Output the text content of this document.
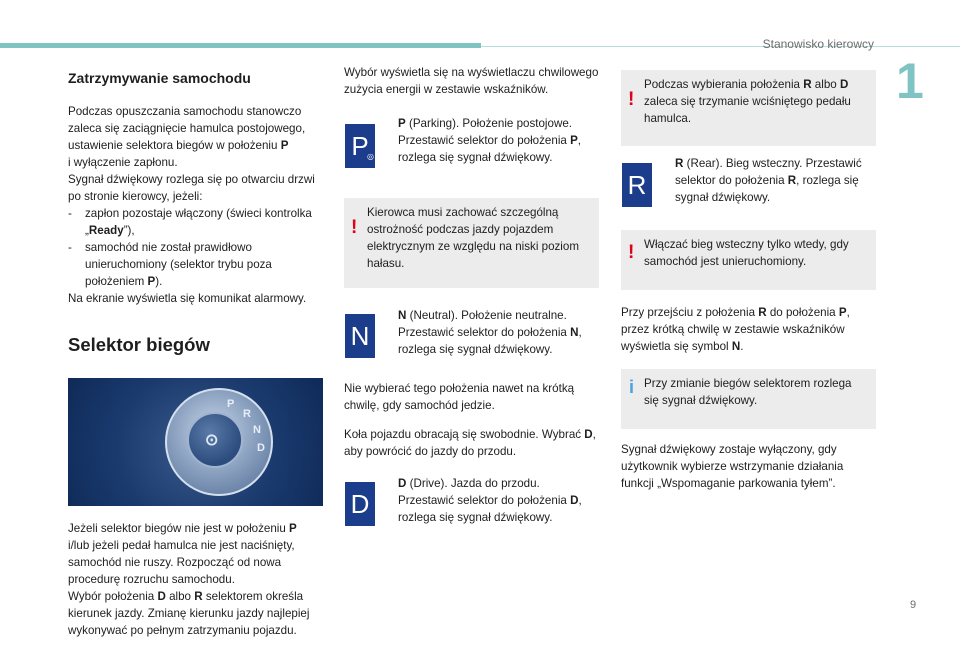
Stanowisko kierowcy
1
9
Zatrzymywanie samochodu

Podczas opuszczania samochodu stanowczo zaleca się zaciągnięcie hamulca postojowego, ustawienie selektora biegów w położeniu P
i wyłączenie zapłonu.
Sygnał dźwiękowy rozlega się po otwarciu drzwi po stronie kierowcy, jeżeli:

-	zapłon pozostaje włączony (świeci kontrolka „Ready”),
-	samochód nie został prawidłowo unieruchomiony (selektor trybu poza położeniem P).

Na ekranie wyświetla się komunikat alarmowy.

Selektor biegów
⊙
P
R
N
D

Jeżeli selektor biegów nie jest w położeniu P
i/lub jeżeli pedał hamulca nie jest naciśnięty, samochód nie ruszy. Rozpocząć od nowa procedurę rozruchu samochodu.
Wybór położenia D albo R selektorem określa kierunek jazdy. Zmianę kierunku jazdy najlepiej wykonywać po pełnym zatrzymaniu pojazdu.

Wybór wyświetla się na wyświetlaczu chwilowego zużycia energii w zestawie wskaźników.

P
◎
P (Parking). Położenie postojowe.
Przestawić selektor do położenia P, rozlega się sygnał dźwiękowy.
!
Kierowca musi zachować szczególną ostrożność podczas jazdy pojazdem elektrycznym ze względu na niski poziom hałasu.
N
N (Neutral). Położenie neutralne.
Przestawić selektor do położenia N, rozlega się sygnał dźwiękowy.

Nie wybierać tego położenia nawet na krótką chwilę, gdy samochód jedzie.

Koła pojazdu obracają się swobodnie. Wybrać D, aby powrócić do jazdy do przodu.

D
D (Drive). Jazda do przodu.
Przestawić selektor do położenia D, rozlega się sygnał dźwiękowy.
!
Podczas wybierania położenia R albo D zaleca się trzymanie wciśniętego pedału hamulca.
R
R (Rear). Bieg wsteczny. Przestawić selektor do położenia R, rozlega się sygnał dźwiękowy.
! Włączać bieg wsteczny tylko wtedy, gdy samochód jest unieruchomiony.

Przy przejściu z położenia R do położenia P, przez krótką chwilę w zestawie wskaźników wyświetla się symbol N.

i Przy zmianie biegów selektorem rozlega się sygnał dźwiękowy.

Sygnał dźwiękowy zostaje wyłączony, gdy użytkownik wybierze wstrzymanie działania funkcji „Wspomaganie parkowania tyłem”.
